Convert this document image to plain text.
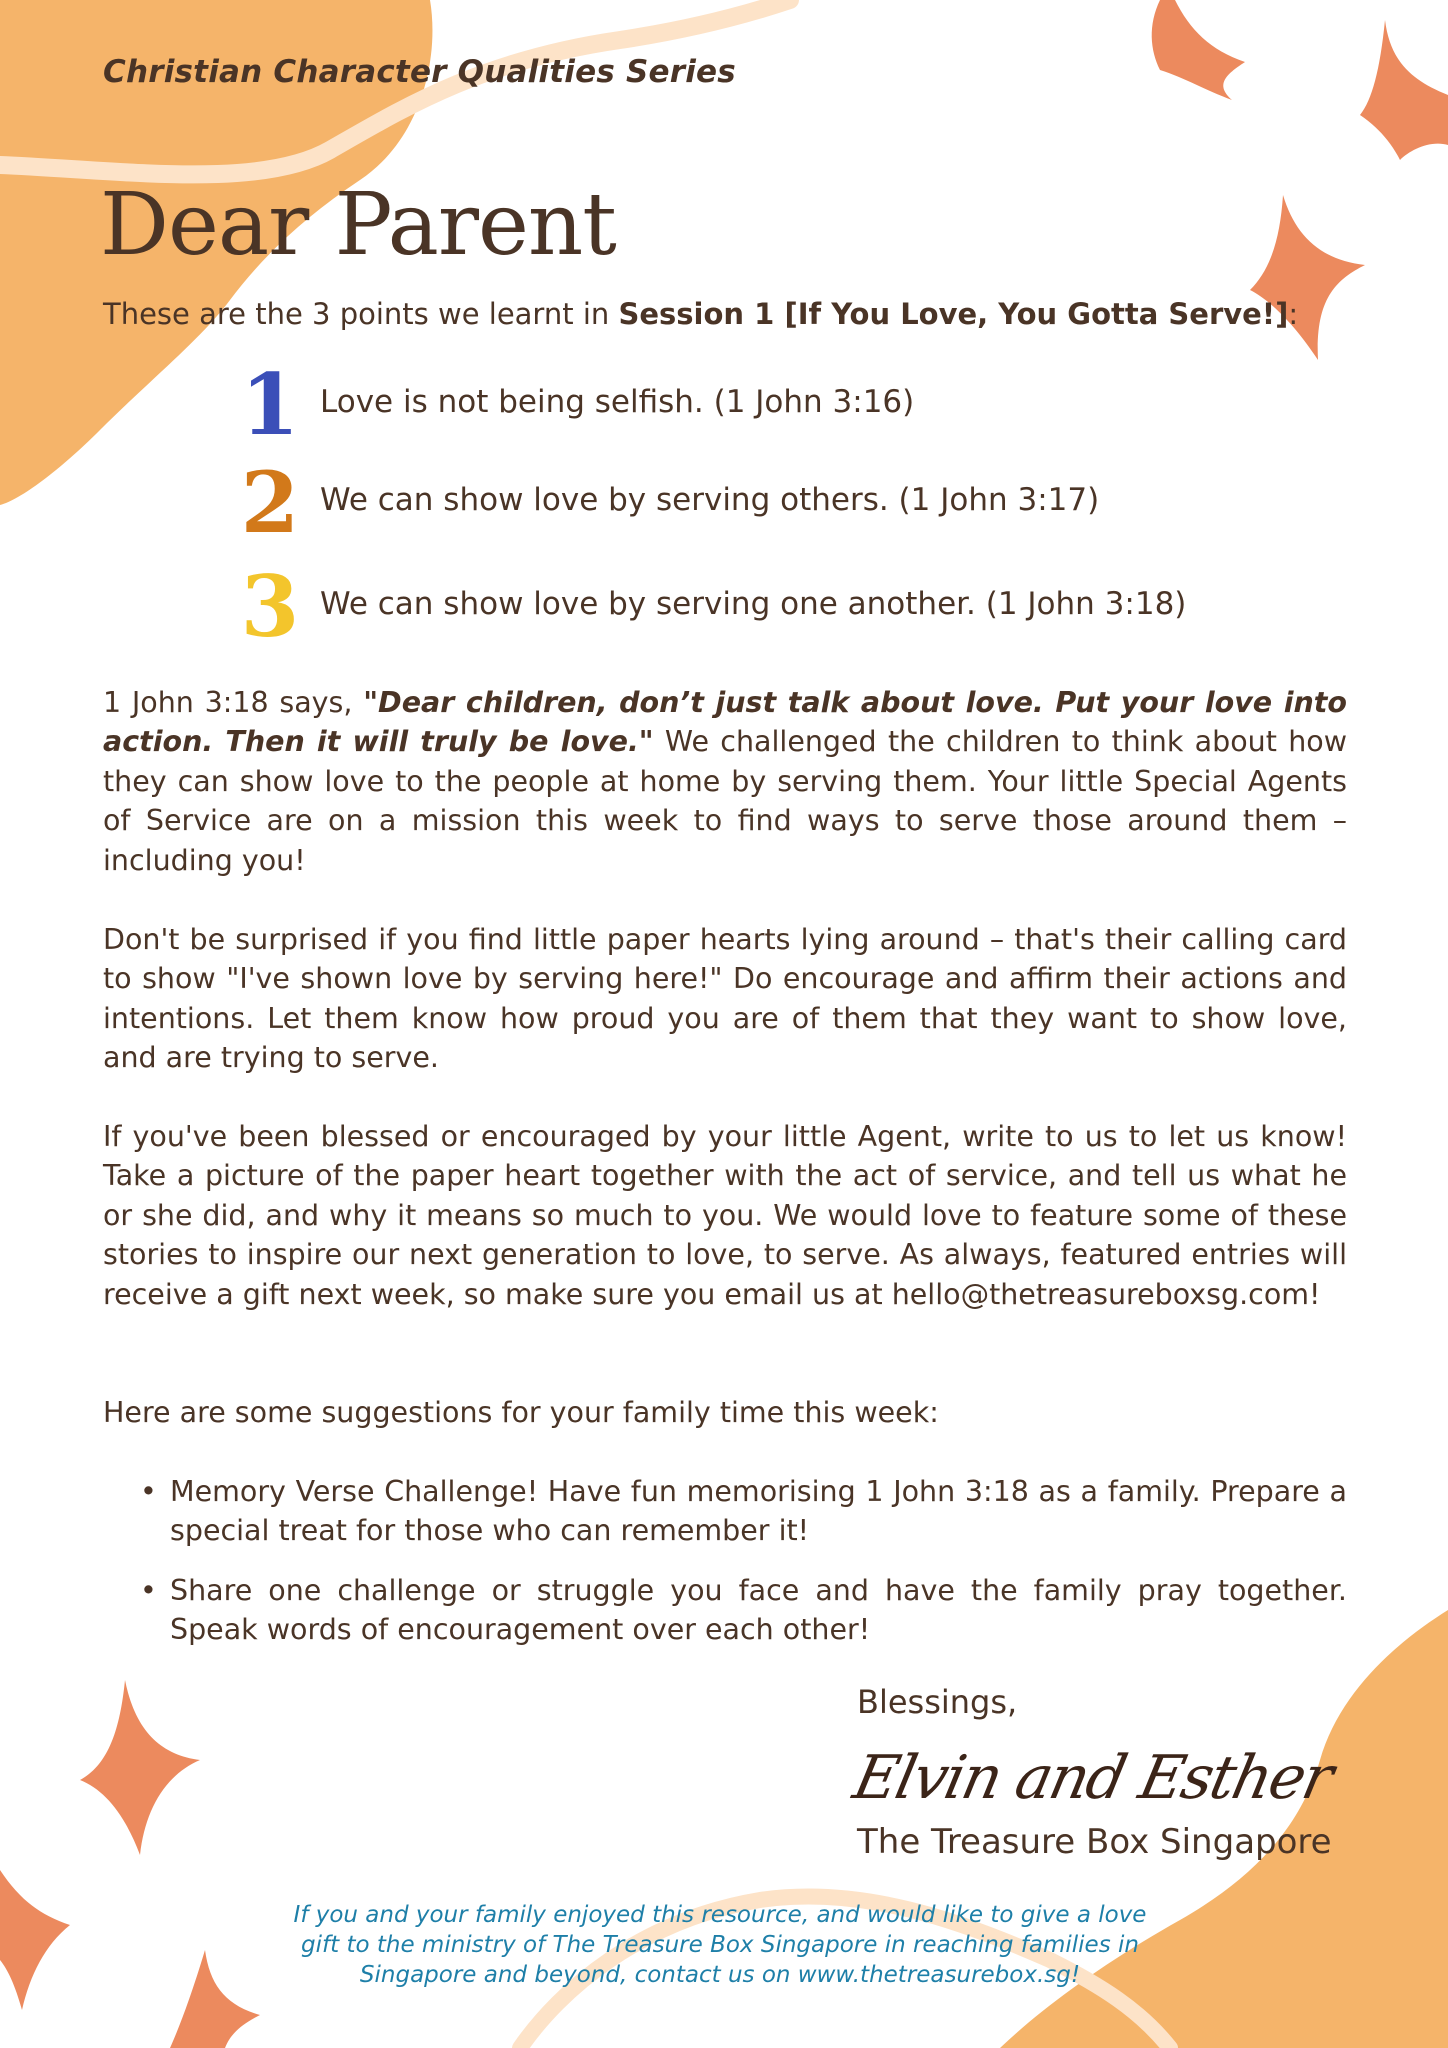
Christian Character Qualities Series
Dear Parent
These are the 3 points we learnt in Session 1 [If You Love, You Gotta Serve!]:
1 Love is not being selfish. (1 John 3:16)
2 We can show love by serving others. (1 John 3:17)
3 We can show love by serving one another. (1 John 3:18)

1 John 3:18 says, "Dear children, don’t just talk about love. Put your love into action. Then it will truly be love." We challenged the children to think about how they can show love to the people at home by serving them. Your little Special Agents of Service are on a mission this week to find ways to serve those around them – including you!

Don't be surprised if you find little paper hearts lying around – that's their calling card to show "I've shown love by serving here!" Do encourage and affirm their actions and intentions. Let them know how proud you are of them that they want to show love, and are trying to serve.

If you've been blessed or encouraged by your little Agent, write to us to let us know! Take a picture of the paper heart together with the act of service, and tell us what he or she did, and why it means so much to you. We would love to feature some of these stories to inspire our next generation to love, to serve. As always, featured entries will receive a gift next week, so make sure you email us at hello@thetreasureboxsg.com!

Here are some suggestions for your family time this week:

• Memory Verse Challenge! Have fun memorising 1 John 3:18 as a family. Prepare a special treat for those who can remember it!
• Share one challenge or struggle you face and have the family pray together. Speak words of encouragement over each other!
Blessings,
Elvin and Esther
The Treasure Box Singapore
If you and your family enjoyed this resource, and would like to give a love gift to the ministry of The Treasure Box Singapore in reaching families in Singapore and beyond, contact us on www.thetreasurebox.sg!
